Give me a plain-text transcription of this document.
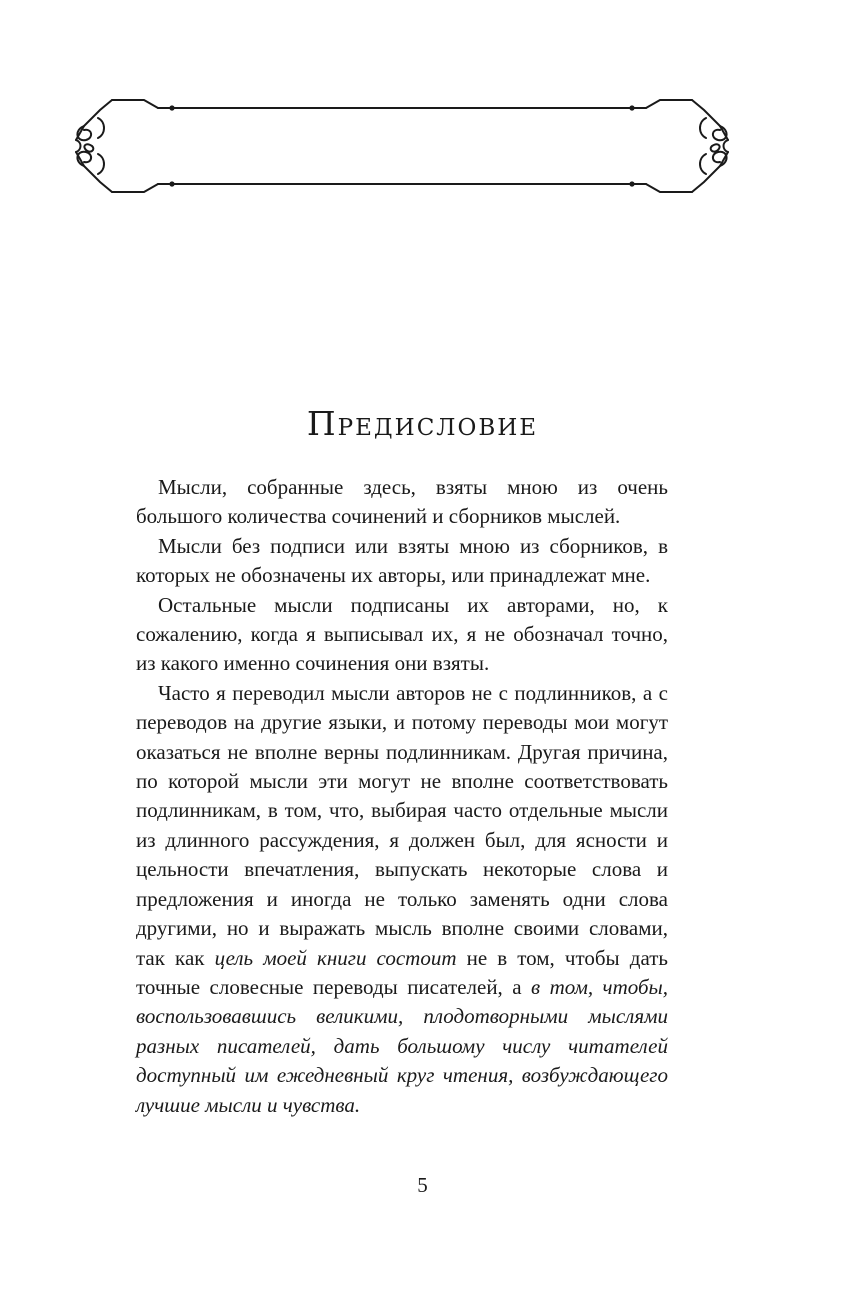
Предисловие

Мысли, собранные здесь, взяты мною из очень большого количества сочинений и сборников мыслей.

Мысли без подписи или взяты мною из сборников, в которых не обозначены их авторы, или принадлежат мне.

Остальные мысли подписаны их авторами, но, к сожалению, когда я выписывал их, я не обозначал точно, из какого именно сочинения они взяты.

Часто я переводил мысли авторов не с подлинников, а с переводов на другие языки, и потому переводы мои могут оказаться не вполне верны подлинникам. Другая причина, по которой мысли эти могут не вполне соответствовать подлинникам, в том, что, выбирая часто отдельные мысли из длинного рассуждения, я должен был, для ясности и цельности впечатления, выпускать некоторые слова и предложения и иногда не только заменять одни слова другими, но и выражать мысль вполне своими словами, так как цель моей книги состоит не в том, чтобы дать точные словесные переводы писателей, а в том, чтобы, воспользовавшись великими, плодотворными мыслями разных писателей, дать большому числу читателей доступный им ежедневный круг чтения, возбуждающего лучшие мысли и чувства.

5
